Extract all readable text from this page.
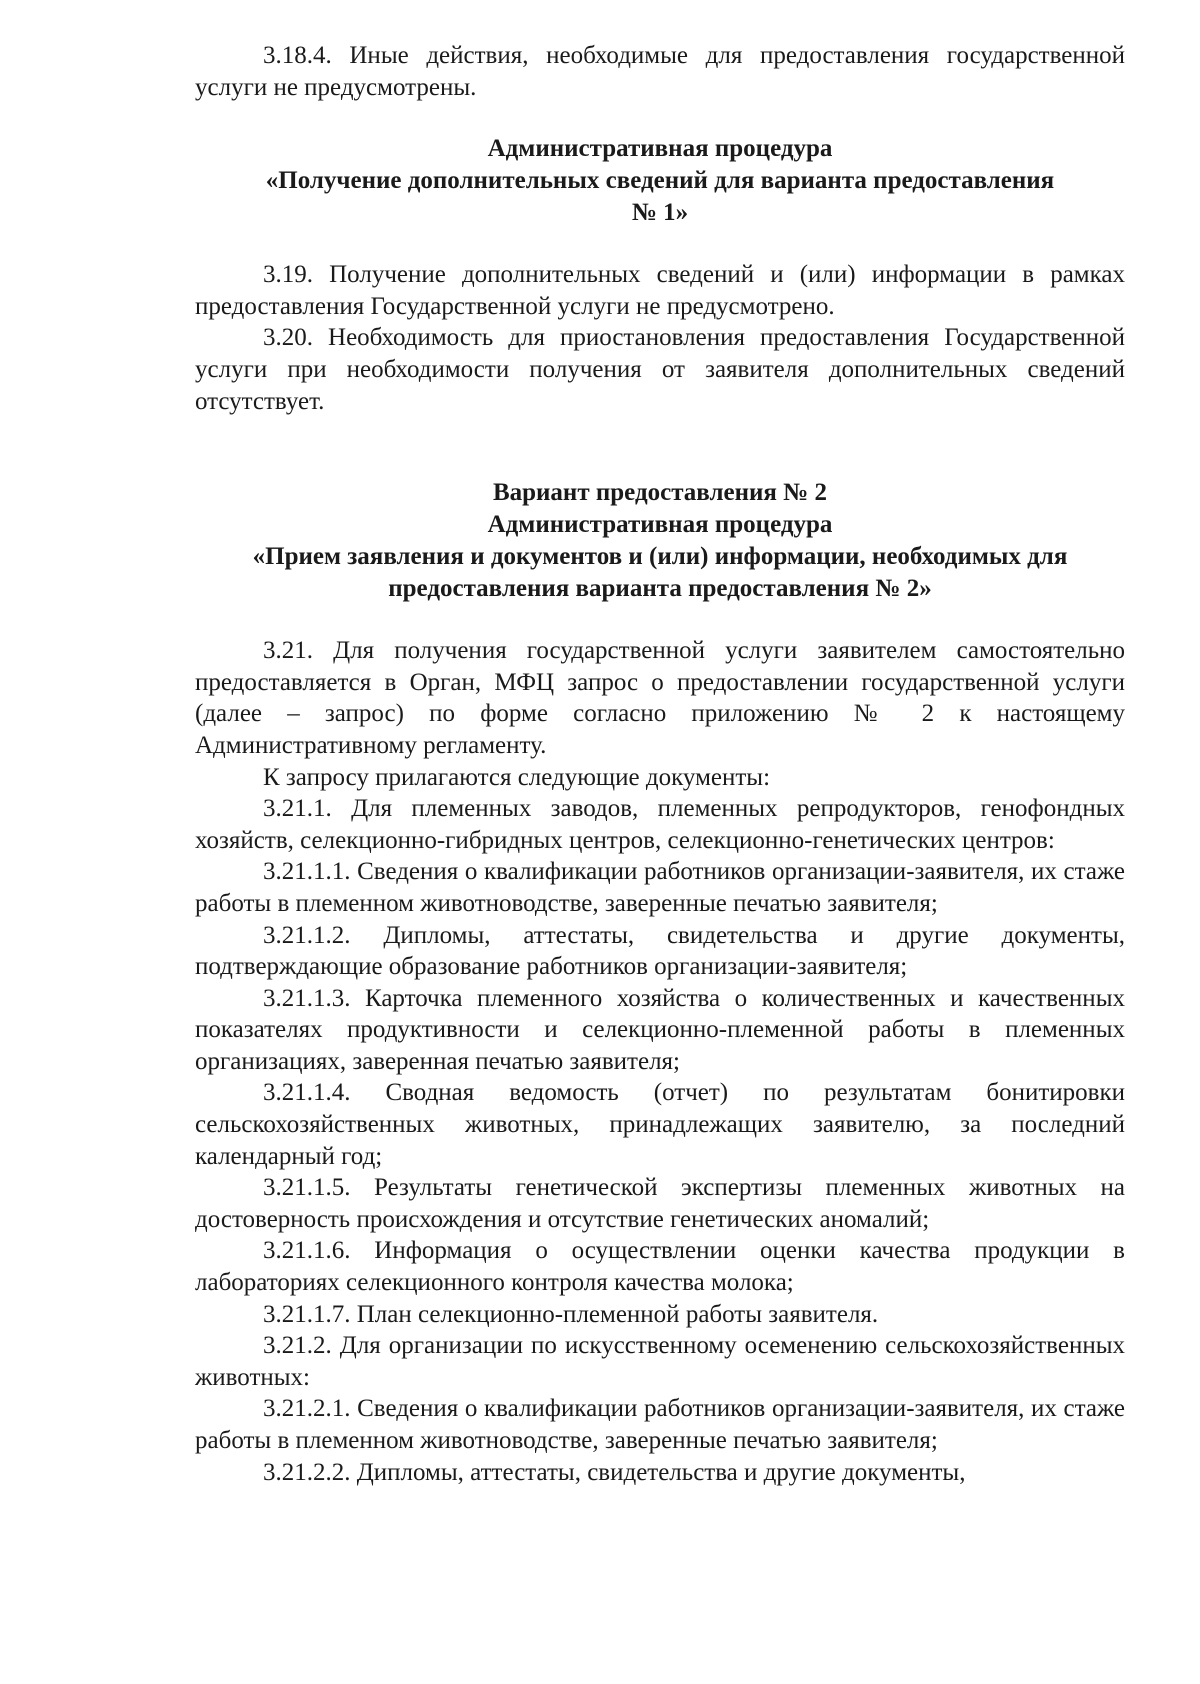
3.18.4. Иные действия, необходимые для предоставления государственной услуги не предусмотрены.

Административная процедура

«Получение дополнительных сведений для варианта предоставления

№ 1»

3.19. Получение дополнительных сведений и (или) информации в рамках предоставления Государственной услуги не предусмотрено.

3.20. Необходимость для приостановления предоставления Государственной услуги при необходимости получения от заявителя дополнительных сведений отсутствует.

Вариант предоставления № 2

Административная процедура

«Прием заявления и документов и (или) информации, необходимых для

предоставления варианта предоставления № 2»

3.21. Для получения государственной услуги заявителем самостоятельно предоставляется в Орган, МФЦ запрос о предоставлении государственной услуги (далее – запрос) по форме согласно приложению № 2 к настоящему Административному регламенту.

К запросу прилагаются следующие документы:

3.21.1. Для племенных заводов, племенных репродукторов, генофондных хозяйств, селекционно-гибридных центров, селекционно-генетических центров:

3.21.1.1. Сведения о квалификации работников организации-заявителя, их стаже работы в племенном животноводстве, заверенные печатью заявителя;

3.21.1.2. Дипломы, аттестаты, свидетельства и другие документы, подтверждающие образование работников организации-заявителя;

3.21.1.3. Карточка племенного хозяйства о количественных и качественных показателях продуктивности и селекционно-племенной работы в племенных организациях, заверенная печатью заявителя;

3.21.1.4. Сводная ведомость (отчет) по результатам бонитировки сельскохозяйственных животных, принадлежащих заявителю, за последний календарный год;

3.21.1.5. Результаты генетической экспертизы племенных животных на достоверность происхождения и отсутствие генетических аномалий;

3.21.1.6. Информация о осуществлении оценки качества продукции в лабораториях селекционного контроля качества молока;

3.21.1.7. План селекционно-племенной работы заявителя.

3.21.2. Для организации по искусственному осеменению сельскохозяйственных животных:

3.21.2.1. Сведения о квалификации работников организации-заявителя, их стаже работы в племенном животноводстве, заверенные печатью заявителя;

3.21.2.2. Дипломы, аттестаты, свидетельства и другие документы,
